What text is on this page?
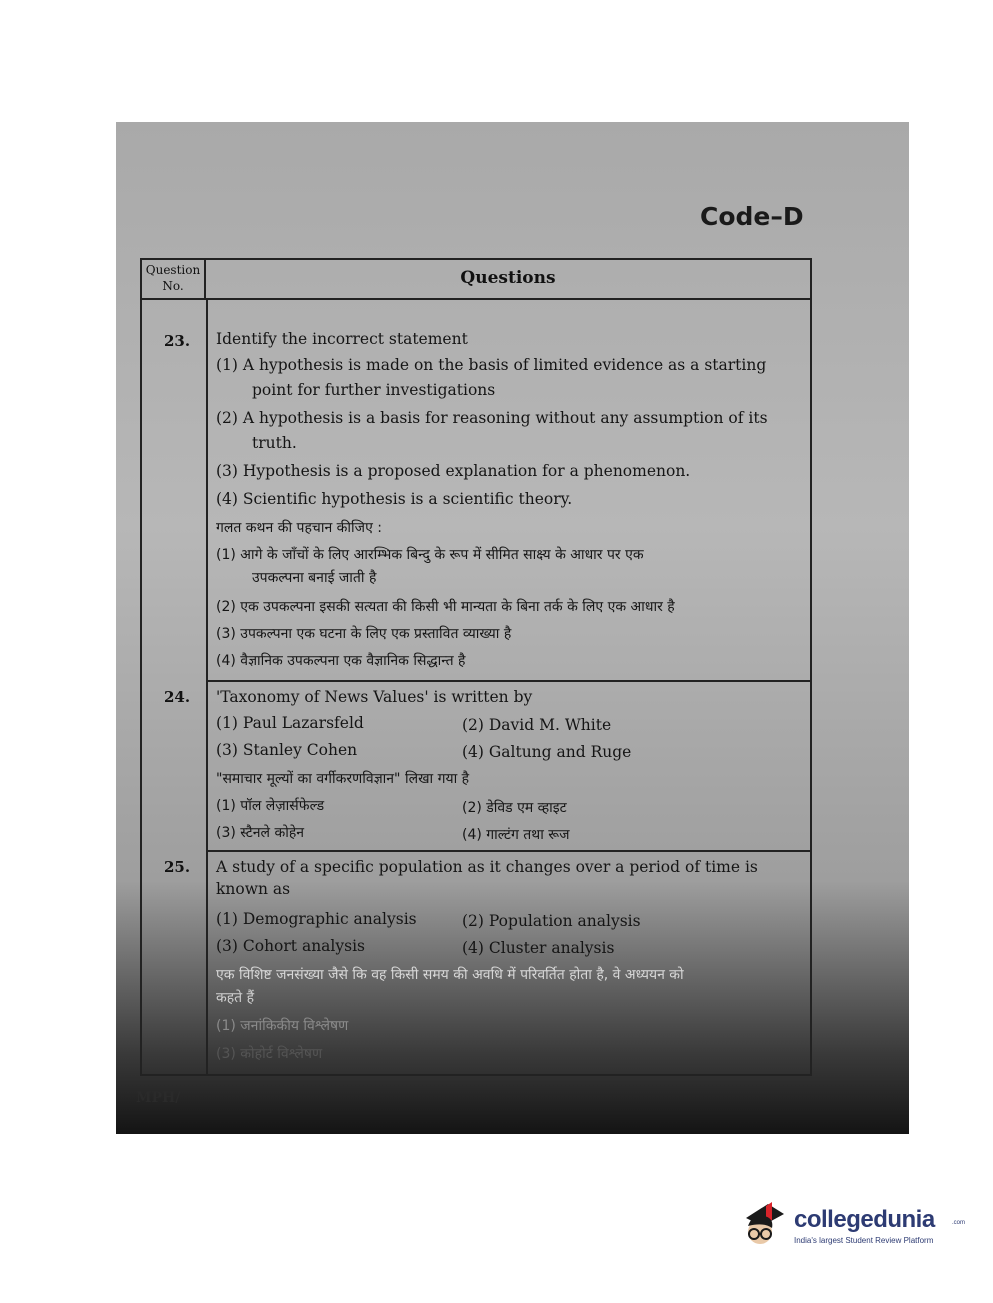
Code–D
Question No.	Questions
23. Identify the incorrect statement
(1) A hypothesis is made on the basis of limited evidence as a starting
point for further investigations
(2) A hypothesis is a basis for reasoning without any assumption of its
truth.
(3) Hypothesis is a proposed explanation for a phenomenon.
(4) Scientific hypothesis is a scientific theory.
गलत कथन की पहचान कीजिए :
(1) आगे के जाँचों के लिए आरम्भिक बिन्दु के रूप में सीमित साक्ष्य के आधार पर एक
उपकल्पना बनाई जाती है
(2) एक उपकल्पना इसकी सत्यता की किसी भी मान्यता के बिना तर्क के लिए एक आधार है
(3) उपकल्पना एक घटना के लिए एक प्रस्तावित व्याख्या है
(4) वैज्ञानिक उपकल्पना एक वैज्ञानिक सिद्धान्त है
24. 'Taxonomy of News Values' is written by
(1) Paul Lazarsfeld	(2) David M. White
(3) Stanley Cohen	(4) Galtung and Ruge
"समाचार मूल्यों का वर्गीकरणविज्ञान" लिखा गया है
(1) पॉल लेज़ार्सफेल्ड	(2) डेविड एम व्हाइट
(3) स्टैनले कोहेन	(4) गाल्टंग तथा रूज
25. A study of a specific population as it changes over a period of time is
known as
(1) Demographic analysis	(2) Population analysis
(3) Cohort analysis	(4) Cluster analysis
एक विशिष्ट जनसंख्या जैसे कि वह किसी समय की अवधि में परिवर्तित होता है, वे अध्ययन को
कहते हैं
(1) जनांकिकीय विश्लेषण
(3) कोहोर्ट विश्लेषण
MPH/
collegedunia
India's largest Student Review Platform
.com
